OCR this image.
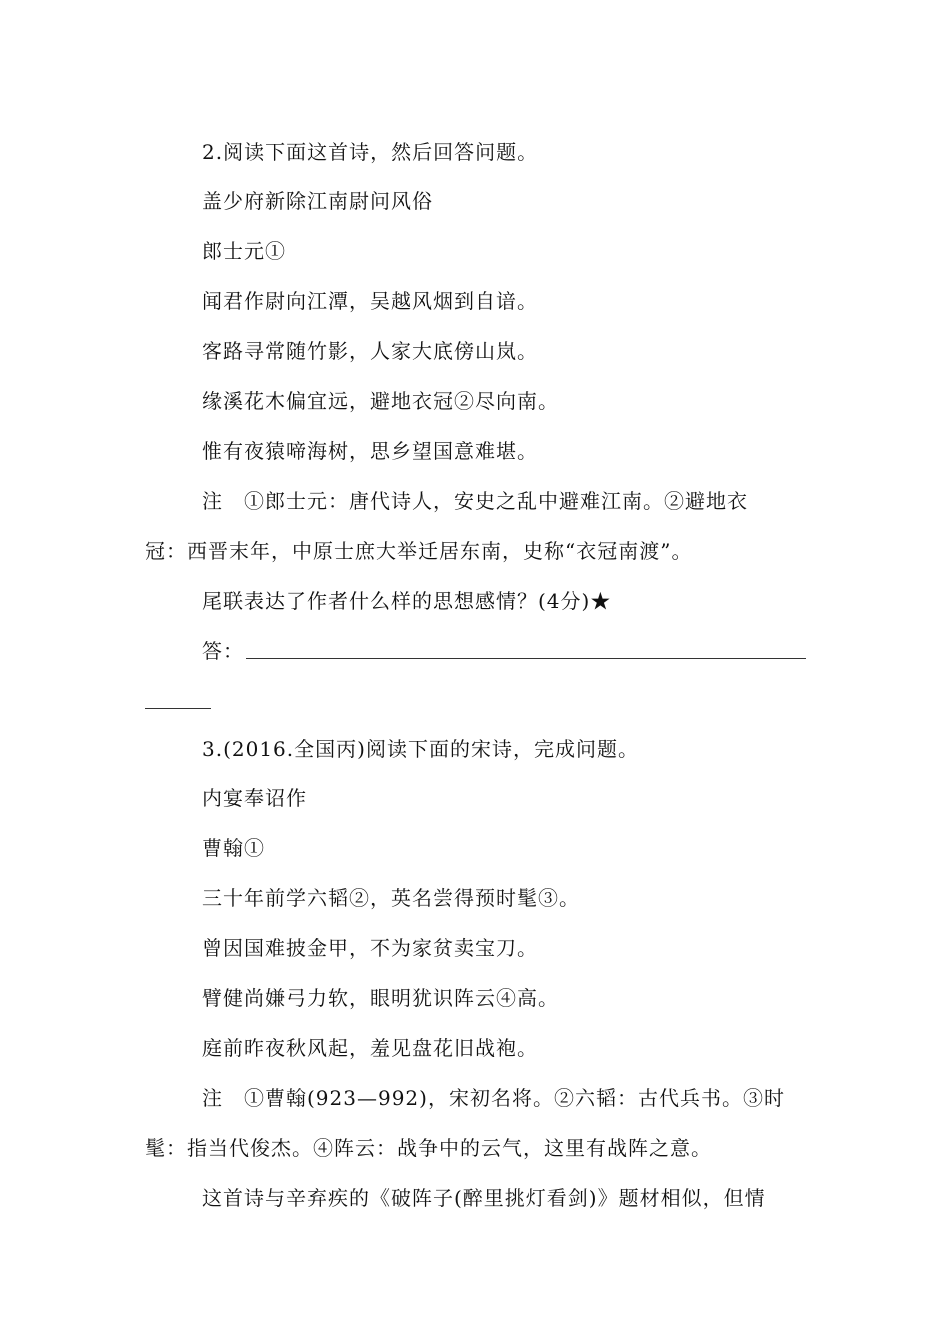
2.阅读下面这首诗，然后回答问题。
盖少府新除江南尉问风俗
郎士元①
闻君作尉向江潭，吴越风烟到自谙。
客路寻常随竹影，人家大底傍山岚。
缘溪花木偏宜远，避地衣冠②尽向南。
惟有夜猿啼海树，思乡望国意难堪。
注　①郎士元：唐代诗人，安史之乱中避难江南。②避地衣
冠：西晋末年，中原士庶大举迁居东南，史称“衣冠南渡”。
尾联表达了作者什么样的思想感情？(4分)★
答：
3.(2016.全国丙)阅读下面的宋诗，完成问题。
内宴奉诏作
曹翰①
三十年前学六韬②，英名尝得预时髦③。
曾因国难披金甲，不为家贫卖宝刀。
臂健尚嫌弓力软，眼明犹识阵云④高。
庭前昨夜秋风起，羞见盘花旧战袍。
注　①曹翰(923—992)，宋初名将。②六韬：古代兵书。③时
髦：指当代俊杰。④阵云：战争中的云气，这里有战阵之意。
这首诗与辛弃疾的《破阵子(醉里挑灯看剑)》题材相似，但情
